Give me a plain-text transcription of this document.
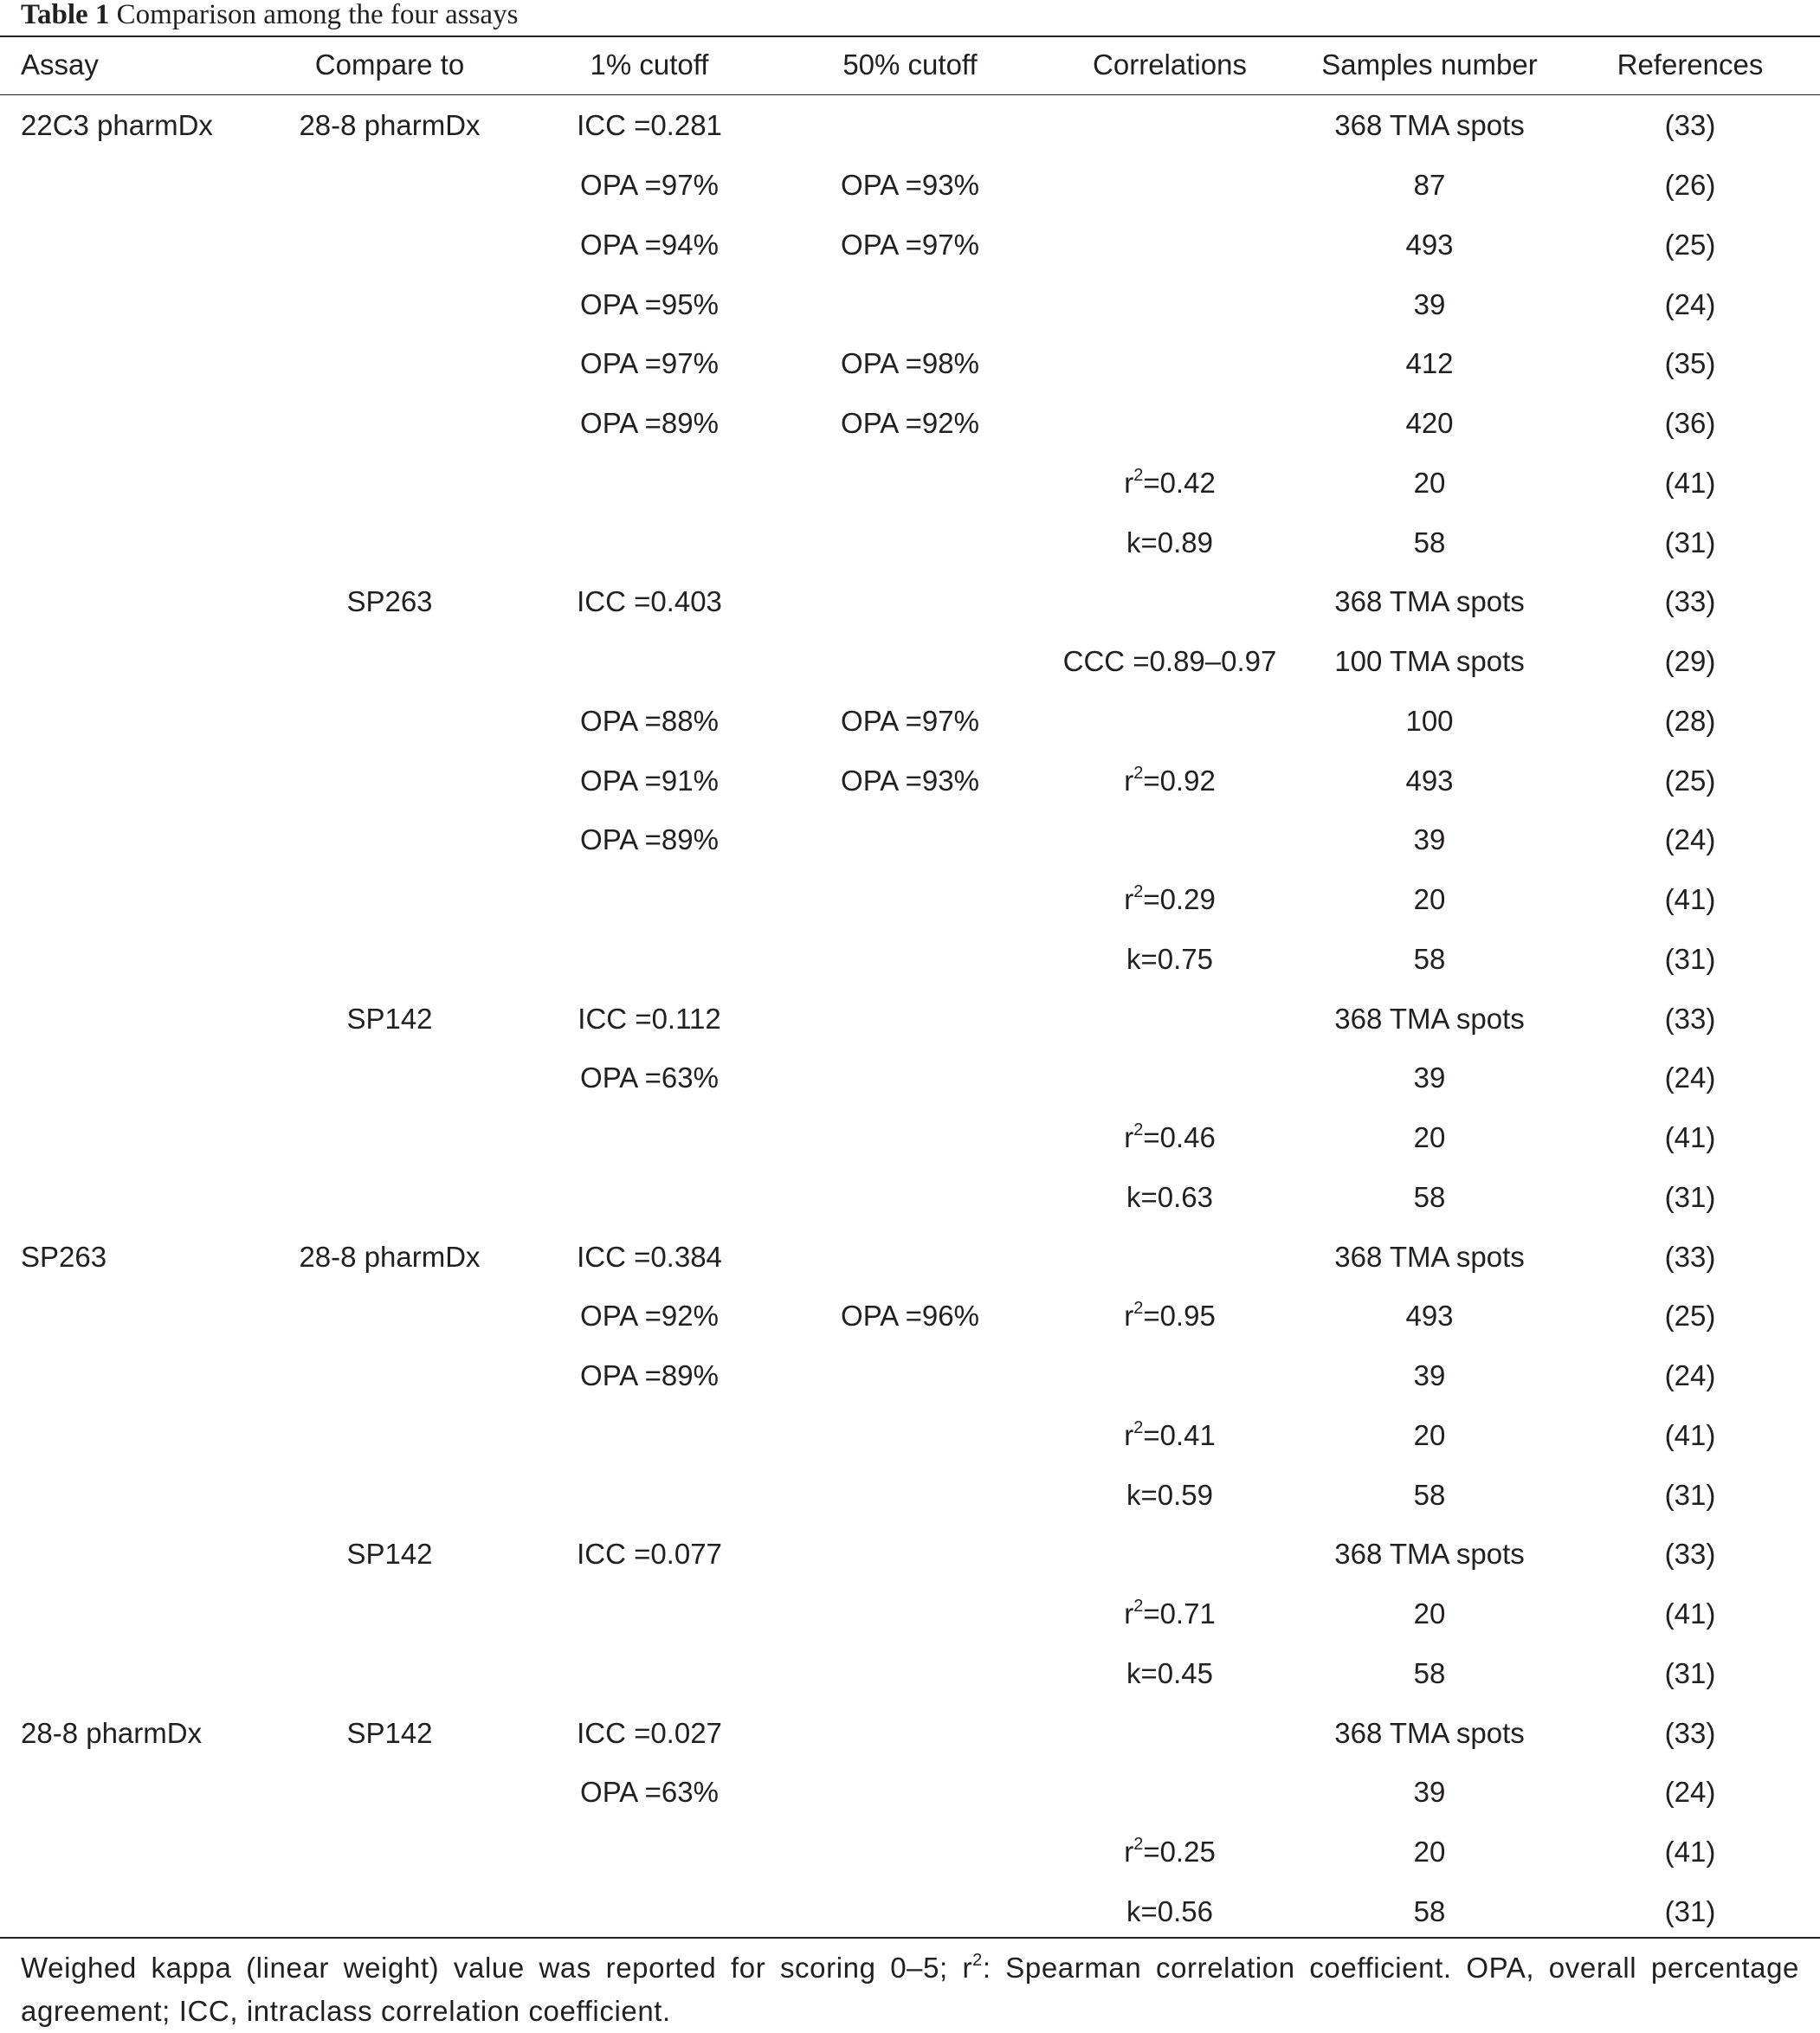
Table 1 Comparison among the four assays
Assay	Compare to	1% cutoff	50% cutoff	Correlations	Samples number	References
22C3 pharmDx	28-8 pharmDx	ICC =0.281			368 TMA spots	(33)
		OPA =97%	OPA =93%		87	(26)
		OPA =94%	OPA =97%		493	(25)
		OPA =95%			39	(24)
		OPA =97%	OPA =98%		412	(35)
		OPA =89%	OPA =92%		420	(36)
				$r^2=0.42$	20	(41)
				k=0.89	58	(31)
	SP263	ICC =0.403			368 TMA spots	(33)
				CCC =0.89–0.97	100 TMA spots	(29)
		OPA =88%	OPA =97%		100	(28)
		OPA =91%	OPA =93%	$r^2=0.92$	493	(25)
		OPA =89%			39	(24)
				$r^2=0.29$	20	(41)
				k=0.75	58	(31)
	SP142	ICC =0.112			368 TMA spots	(33)
		OPA =63%			39	(24)
				$r^2=0.46$	20	(41)
				k=0.63	58	(31)
SP263	28-8 pharmDx	ICC =0.384			368 TMA spots	(33)
		OPA =92%	OPA =96%	$r^2=0.95$	493	(25)
		OPA =89%			39	(24)
				$r^2=0.41$	20	(41)
				k=0.59	58	(31)
	SP142	ICC =0.077			368 TMA spots	(33)
				$r^2=0.71$	20	(41)
				k=0.45	58	(31)
28-8 pharmDx	SP142	ICC =0.027			368 TMA spots	(33)
		OPA =63%			39	(24)
				$r^2=0.25$	20	(41)
				k=0.56	58	(31)
Weighed kappa (linear weight) value was reported for scoring 0–5; $r^2$: Spearman correlation coefficient. OPA, overall percentage agreement; ICC, intraclass correlation coefficient.
